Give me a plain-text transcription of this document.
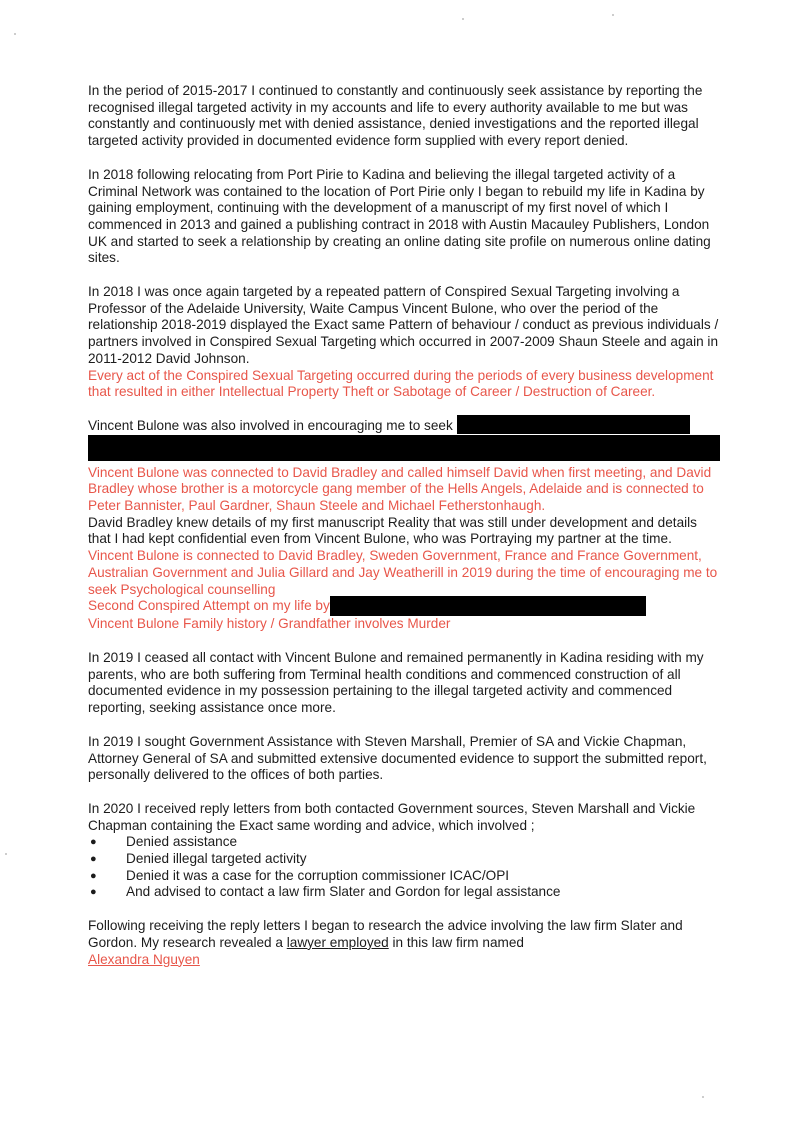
In the period of 2015-2017 I continued to constantly and continuously seek assistance by reporting the recognised illegal targeted activity in my accounts and life to every authority available to me but was constantly and continuously met with denied assistance, denied investigations and the reported illegal targeted activity provided in documented evidence form supplied with every report denied.

In 2018 following relocating from Port Pirie to Kadina and believing the illegal targeted activity of a Criminal Network was contained to the location of Port Pirie only I began to rebuild my life in Kadina by gaining employment, continuing with the development of a manuscript of my first novel of which I commenced in 2013 and gained a publishing contract in 2018 with Austin Macauley Publishers, London UK and started to seek a relationship by creating an online dating site profile on numerous online dating sites.

In 2018 I was once again targeted by a repeated pattern of Conspired Sexual Targeting involving a Professor of the Adelaide University, Waite Campus Vincent Bulone, who over the period of the relationship 2018-2019 displayed the Exact same Pattern of behaviour / conduct as previous individuals / partners involved in Conspired Sexual Targeting which occurred in 2007-2009 Shaun Steele and again in 2011-2012 David Johnson.

Every act of the Conspired Sexual Targeting occurred during the periods of every business development that resulted in either Intellectual Property Theft or Sabotage of Career / Destruction of Career.

Vincent Bulone was also involved in encouraging me to seek

Vincent Bulone was connected to David Bradley and called himself David when first meeting, and David Bradley whose brother is a motorcycle gang member of the Hells Angels, Adelaide and is connected to Peter Bannister, Paul Gardner, Shaun Steele and Michael Fetherstonhaugh.

David Bradley knew details of my first manuscript Reality that was still under development and details that I had kept confidential even from Vincent Bulone, who was Portraying my partner at the time.

Vincent Bulone is connected to David Bradley, Sweden Government, France and France Government, Australian Government and Julia Gillard and Jay Weatherill in 2019 during the time of encouraging me to seek Psychological counselling

Second Conspired Attempt on my life by

Vincent Bulone Family history / Grandfather involves Murder

In 2019 I ceased all contact with Vincent Bulone and remained permanently in Kadina residing with my parents, who are both suffering from Terminal health conditions and commenced construction of all documented evidence in my possession pertaining to the illegal targeted activity and commenced reporting, seeking assistance once more.

In 2019 I sought Government Assistance with Steven Marshall, Premier of SA and Vickie Chapman, Attorney General of SA and submitted extensive documented evidence to support the submitted report, personally delivered to the offices of both parties.

In 2020 I received reply letters from both contacted Government sources, Steven Marshall and Vickie Chapman containing the Exact same wording and advice, which involved ;

● Denied assistance
● Denied illegal targeted activity
● Denied it was a case for the corruption commissioner ICAC/OPI
● And advised to contact a law firm Slater and Gordon for legal assistance

Following receiving the reply letters I began to research the advice involving the law firm Slater and Gordon. My research revealed a lawyer employed in this law firm named

Alexandra Nguyen
